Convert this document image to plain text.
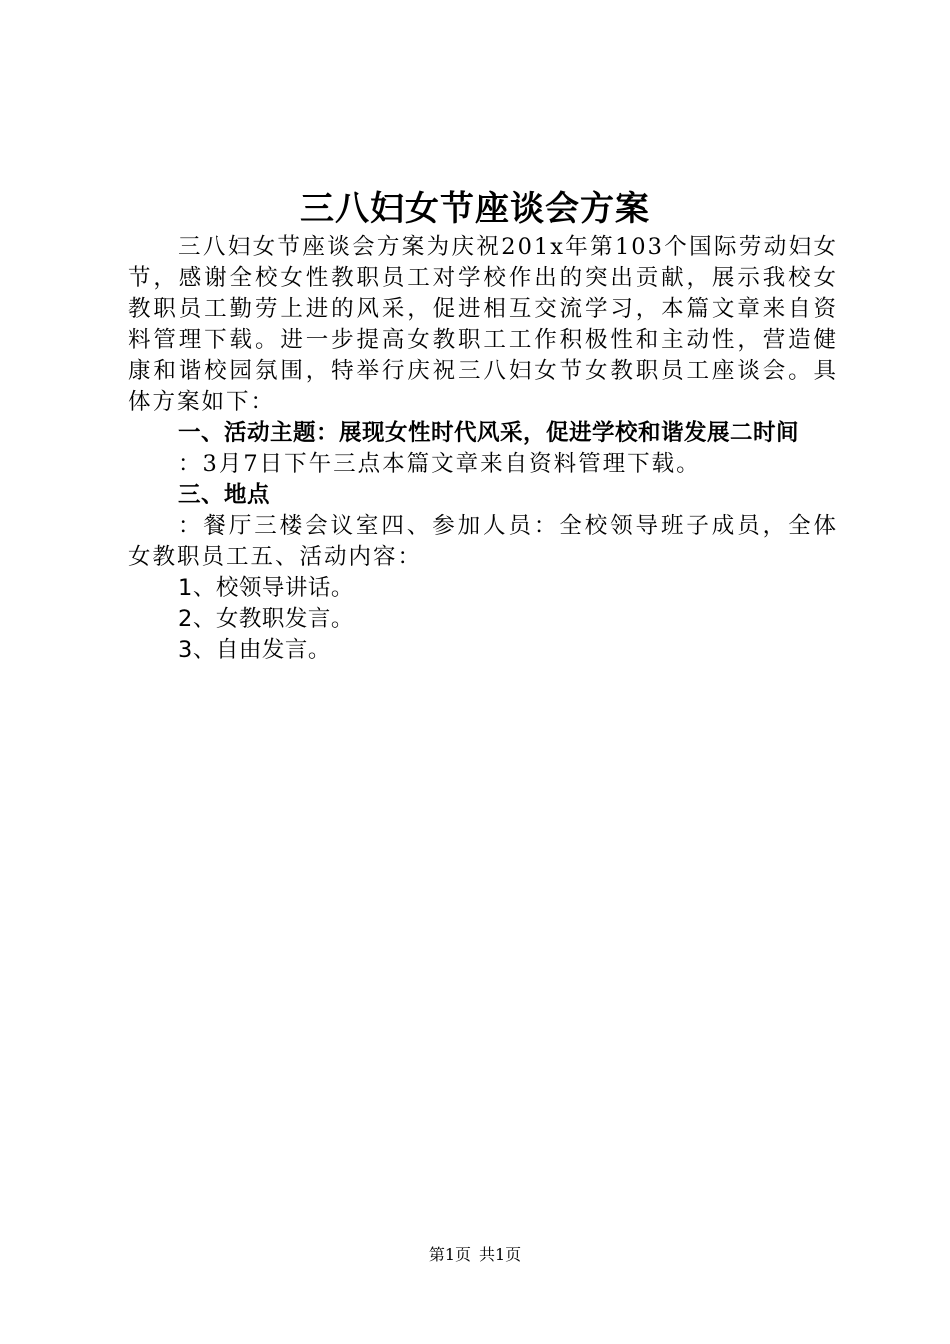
三八妇女节座谈会方案

三八妇女节座谈会方案为庆祝201x年第103个国际劳动妇女节，感谢全校女性教职员工对学校作出的突出贡献，展示我校女教职员工勤劳上进的风采，促进相互交流学习，本篇文章来自资料管理下载。进一步提高女教职工工作积极性和主动性，营造健康和谐校园氛围，特举行庆祝三八妇女节女教职员工座谈会。具体方案如下：

一、活动主题：展现女性时代风采，促进学校和谐发展二时间

：3月7日下午三点本篇文章来自资料管理下载。

三、地点

：餐厅三楼会议室四、参加人员：全校领导班子成员，全体女教职员工五、活动内容：

1、校领导讲话。

2、女教职发言。

3、自由发言。

第1页 共1页
